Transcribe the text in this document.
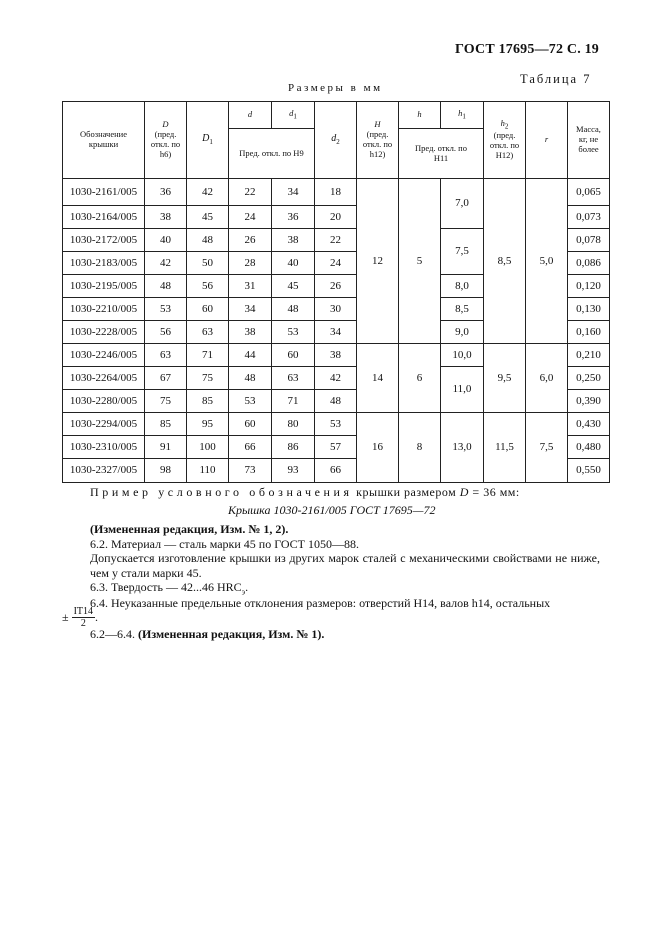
ГОСТ 17695—72 С. 19
Таблица 7
Размеры в мм
Обозначение крышки	D
(пред. откл. по h6)	$D_1$	d	$d_1$	$d_2$	H
(пред. откл. по h12)	h	$h_1$	$h_2$
(пред. откл. по H12)	r	Масса, кг, не более
			Пред. откл. по H9				Пред. откл. по H11				
1030-2161/005	36	42	22	34	18	12	5	7,0	8,5	5,0	0,065
1030-2164/005	38	45	24	36	20						0,073
1030-2172/005	40	48	26	38	22			7,5			0,078
1030-2183/005	42	50	28	40	24						0,086
1030-2195/005	48	56	31	45	26			8,0			0,120
1030-2210/005	53	60	34	48	30			8,5			0,130
1030-2228/005	56	63	38	53	34			9,0			0,160
1030-2246/005	63	71	44	60	38	14	6	10,0	9,5	6,0	0,210
1030-2264/005	67	75	48	63	42			11,0			0,250
1030-2280/005	75	85	53	71	48						0,390
1030-2294/005	85	95	60	80	53	16	8	13,0	11,5	7,5	0,430
1030-2310/005	91	100	66	86	57						0,480
1030-2327/005	98	110	73	93	66						0,550
Пример условного обозначения крышки размером D = 36 мм:
Крышка 1030-2161/005 ГОСТ 17695—72
(Измененная редакция, Изм. № 1, 2).
6.2. Материал — сталь марки 45 по ГОСТ 1050—88.
Допускается изготовление крышки из других марок сталей с механическими свойствами не ниже, чем у стали марки 45.
6.3. Твердость — 42...46 $HRC_э$.
6.4. Неуказанные предельные отклонения размеров: отверстий H14, валов h14, остальных
± $\frac{IT14}{2}$ .
6.2—6.4. (Измененная редакция, Изм. № 1).
